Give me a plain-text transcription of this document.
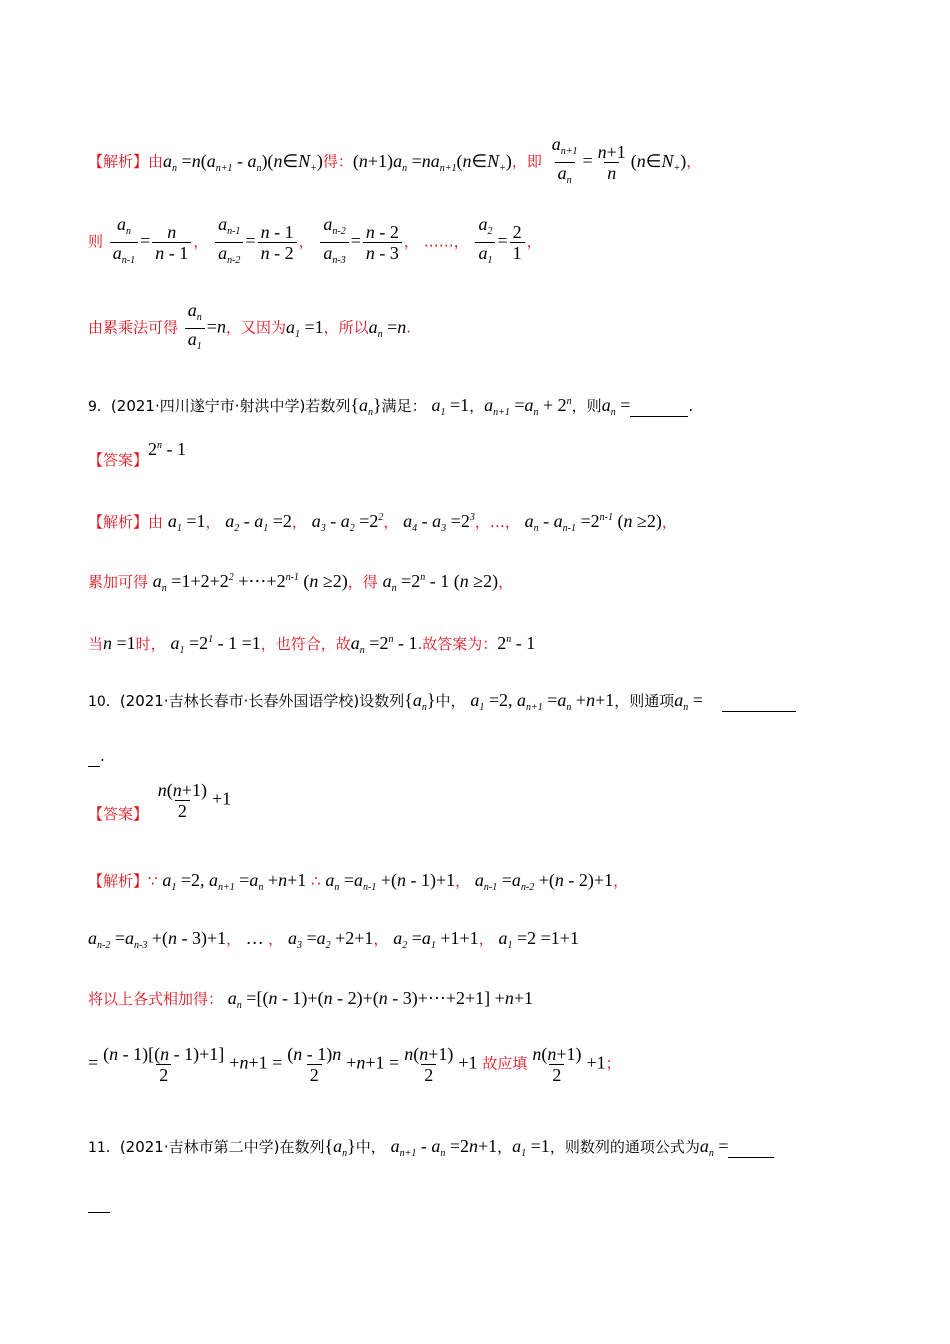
【解析】由$a_n =n(a_{n+1}$ - $a_n)(n\in N_+)$得：$(n+1)a_n$ $=na_{n+1}(n\in N_+)$，即 $\frac{a_{n+1}}{a_n} = \frac{n+1}{n}$ $(n\in N_+)$，
则 $\frac{a_n}{a_{n-1}} = \frac{n}{n - 1}$ ， $\frac{a_{n-1}}{a_{n-2}} = \frac{n - 1}{n - 2}$ ， $\frac{a_{n-2}}{a_{n-3}} = \frac{n - 2}{n - 3}$ ， ……， $\frac{a_2}{a_1} = \frac{2}{1}$ ，
由累乘法可得 $\frac{a_n}{a_1} =n$，又因为$a_1 =1$，所以$a_n =n$.
9．(2021·四川遂宁市·射洪中学)若数列$\{a_n\}$满足： $a_1 =1$，$a_{n+1} =a_n + 2^n$，则$a_n$ =	.
【答案】2$^n$ - 1
【解析】由 $a_1 =1$， $a_2 - a_1 =2$， $a_3 - a_2 =2^2$， $a_4 - a_3 =2^3$，…， $a_n - a_{n-1} =2^{n-1}$ (n ≥2)，
累加可得 $a_n =1+2+2^2$ $+\cdots+2^{n-1}$ (n ≥2)，得 $a_n =2^n - 1$ (n ≥2)，
当n =1时， $a_1 =2^1 - 1 =1$，也符合，故$a_n =2^n - 1$.故答案为：2$^n$ - 1
10．(2021·吉林长春市·长春外国语学校)设数列$\{a_n\}$中， $a_1 =2$, $a_{n+1} =a_n +n+1$，则通项$a_n$ =
.
【答案】 $\frac{n(n+1)}{2} +1$
【解析】∵ $a_1 =2$, $a_{n+1} =a_n +n+1$ ∴ $a_n =a_{n-1} +(n - 1)+1$， $a_{n-1} =a_{n-2} +(n - 2)+1$，
$a_{n-2} =a_{n-3} +(n - 3)+1$， … ， $a_3 =a_2 +2+1$， $a_2 =a_1 +1+1$， $a_1 =2 =1+1$
将以上各式相加得： $a_n =[(n - 1)+(n - 2)+(n$ - 3)+⋯+2+1] +n+1
= $\frac{(n - 1)[(n - 1)+1]}{2} +n+1 = \frac{(n - 1)n}{2} +n+1 = \frac{n(n+1)}{2} +1$ 故应填 $\frac{n(n+1)}{2} +1$；
11．(2021·吉林市第二中学)在数列$\{a_n\}$中， $a_{n+1} - a_n =2n+1$，$a_1 =1$，则数列的通项公式为$a_n$ =
